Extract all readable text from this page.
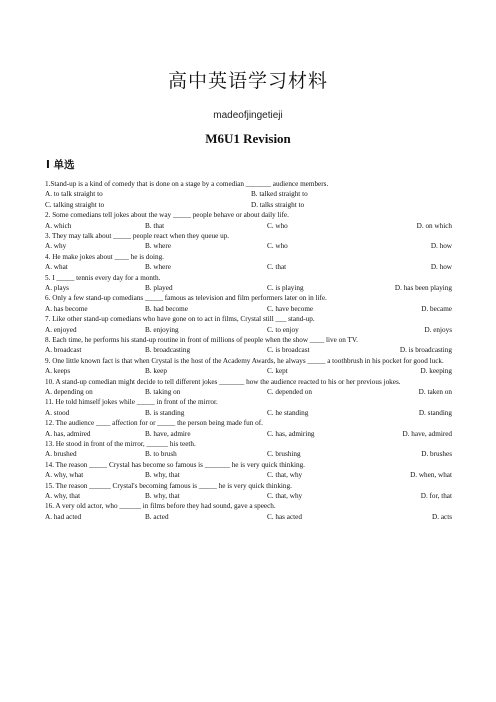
高中英语学习材料
madeofjingetieji
M6U1 Revision
I 单选
1.Stand-up is a kind of comedy that is done on a stage by a comedian _______ audience members.
A. to talk straight to	B. talked straight to
C. talking straight to	D. talks straight to
2. Some comedians tell jokes about the way _____ people behave or about daily life.
A. which	B. that	C. who	D. on which
3. They may talk about _____ people react when they queue up.
A. why	B. where	C. who	D. how
4. He make jokes about ____ he is doing.
A. what	B. where	C. that	D. how
5. I _____ tennis every day for a month.
A. plays	B. played	C. is playing	D. has been playing
6. Only a few stand-up comedians _____ famous as television and film performers later on in life.
A. has become	B. had become	C. have become	D. became
7. Like other stand-up comedians who have gone on to act in films, Crystal still ___ stand-up.
A. enjoyed	B. enjoying	C. to enjoy	D. enjoys
8. Each time, he performs his stand-up routine in front of millions of people when the show ____ live on TV.
A. broadcast	B. broadcasting	C. is broadcast	D. is broadcasting
9. One little known fact is that when Crystal is the host of the Academy Awards, he always _____ a toothbrush in his pocket for good luck.
A. keeps	B. keep	C. kept	D. keeping
10. A stand-up comedian might decide to tell different jokes _______ how the audience reacted to his or her previous jokes.
A. depending on	B. taking on	C. depended on	D. taken on
11. He told himself jokes while _____ in front of the mirror.
A. stood	B. is standing	C. he standing	D. standing
12. The audience ____ affection for or _____ the person being made fun of.
A. has, admired	B. have, admire	C. has, admiring	D. have, admired
13. He stood in front of the mirror, ______ his teeth.
A. brushed	B. to brush	C. brushing	D. brushes
14. The reason _____ Crystal has become so famous is _______ he is very quick thinking.
A. why, what	B. why, that	C. that, why	D. when, what
15. The reason ______ Crystal's becoming famous is _____ he is very quick thinking.
A. why, that	B. why, that	C. that, why	D. for, that
16. A very old actor, who ______ in films before they had sound, gave a speech.
A. had acted	B. acted	C. has acted	D. acts
